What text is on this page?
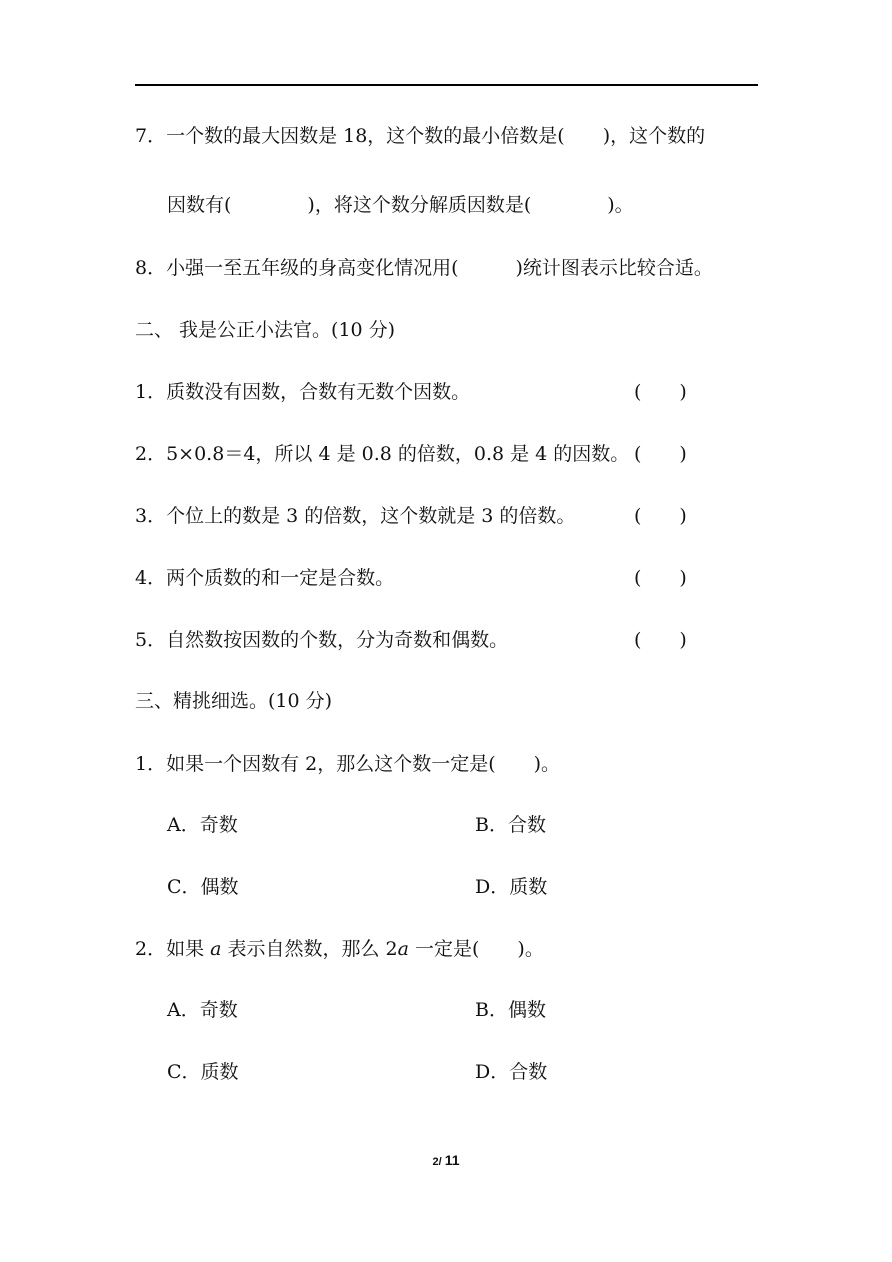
7．一个数的最大因数是 18，这个数的最小倍数是(　　)，这个数的
因数有(　　　　)，将这个数分解质因数是(　　　　)。
8．小强一至五年级的身高变化情况用(　　　)统计图表示比较合适。
二、 我是公正小法官。(10 分)
1．质数没有因数，合数有无数个因数。	(　　)
2．5×0.8＝4，所以 4 是 0.8 的倍数，0.8 是 4 的因数。 (　　)
3．个位上的数是 3 的倍数，这个数就是 3 的倍数。	(　　)
4．两个质数的和一定是合数。	(　　)
5．自然数按因数的个数，分为奇数和偶数。	(　　)
三、精挑细选。(10 分)
1．如果一个因数有 2，那么这个数一定是(　　)。
A．奇数	B．合数
C．偶数	D．质数
2．如果 a 表示自然数，那么 2a 一定是(　　)。
A．奇数	B．偶数
C．质数	D．合数
2/ 11
